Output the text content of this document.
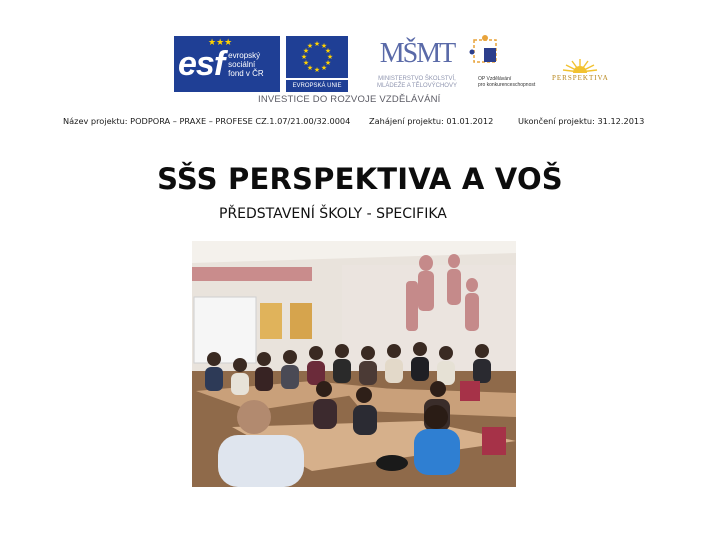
★★★
esf evropský
sociální
fond v ČR
★ ★
★
★
★
★
★
★
★
★
★
★
EVROPSKÁ UNIE
MŠMT
MINISTERSTVO ŠKOLSTVÍ,
MLÁDEŽE A TĚLOVÝCHOVY
OP Vzdělávání
pro konkurenceschopnost
PERSPEKTIVA
INVESTICE DO ROZVOJE VZDĚLÁVÁNÍ
Název projektu: PODPORA – PRAXE – PROFESE CZ.1.07/21.00/32.0004 Zahájení projektu: 01.01.2012	Ukončení projektu: 31.12.2013
SŠS PERSPEKTIVA A VOŠ
PŘEDSTAVENÍ ŠKOLY - SPECIFIKA
